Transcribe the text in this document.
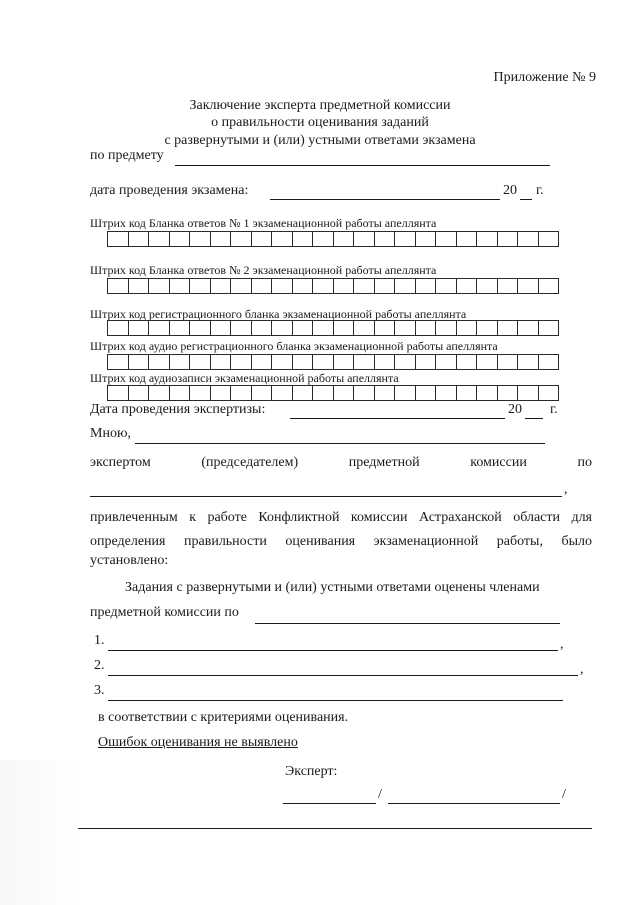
Приложение № 9
Заключение эксперта предметной комиссии
о правильности оценивания заданий
с развернутыми и (или) устными ответами экзамена
по предмету
дата проведения экзамена:	20 г.
Штрих код Бланка ответов № 1 экзаменационной работы апеллянта
Штрих код Бланка ответов № 2 экзаменационной работы апеллянта
Штрих код регистрационного бланка экзаменационной работы апеллянта
Штрих код аудио регистрационного бланка экзаменационной работы апеллянта
Штрих код аудиозаписи экзаменационной работы апеллянта
Дата проведения экспертизы:	20 г.
Мною,
экспертом	(председателем)	предметной	комиссии	по
,
привлеченным к работе Конфликтной комиссии Астраханской области для
определения правильности оценивания экзаменационной работы, было
установлено:
Задания с развернутыми и (или) устными ответами оценены членами
предметной комиссии по
1.	,
2.	,
3.
в соответствии с критериями оценивания.
Ошибок оценивания не выявлено
Эксперт:
/	/
